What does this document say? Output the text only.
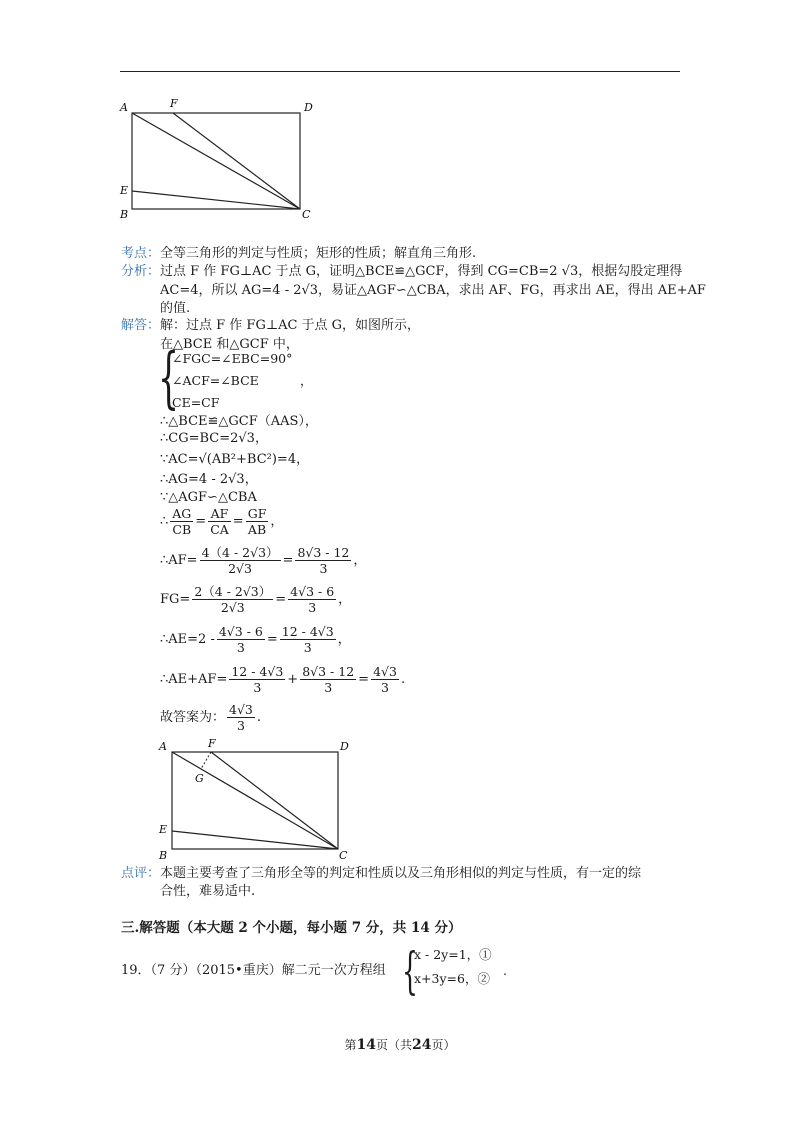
A	F	D
E
B	C
考点：全等三角形的判定与性质；矩形的性质；解直角三角形.
分析：过点 F 作 FG⊥AC 于点 G，证明△BCE≌△GCF，得到 CG=CB=2 √3，根据勾股定理得
AC=4，所以 AG=4 - 2√3，易证△AGF∽△CBA，求出 AF、FG，再求出 AE，得出 AE+AF
的值.
解答：解：过点 F 作 FG⊥AC 于点 G，如图所示，
在△BCE 和△GCF 中，
{
∠FGC=∠EBC=90°
∠ACF=∠BCE	，
CE=CF
∴△BCE≌△GCF（AAS），
∴CG=BC=2√3，
∵AC=√(AB²+BC²)=4，
∴AG=4 - 2√3，
∵△AGF∽△CBA
∴ $\frac{AG}{CB} = \frac{AF}{CA} = \frac{GF}{AB}$ ，
∴AF= $\frac{4(4 - 2√3)}{2√3} = \frac{8√3 - 12}{3}$ ，
$FG= \frac{2(4 - 2√3)}{2√3} = \frac{4√3 - 6}{3}$ ，
∴AE=2 - $\frac{4√3 - 6}{3} = \frac{12 - 4√3}{3}$ ，
∴AE+AF= $\frac{12 - 4√3}{3} + \frac{8√3 - 12}{3} = \frac{4√3}{3}$ .
故答案为： $\frac{4√3}{3}$ .
A	F	D
G
E
B	C
点评：本题主要考查了三角形全等的判定和性质以及三角形相似的判定与性质，有一定的综
合性，难易适中.
三.解答题（本大题 2 个小题，每小题 7 分，共 14 分）
19．（7 分）（2015•重庆）解二元一次方程组 {
x - 2y=1，①
x+3y=6，②
.
第14页（共24页）
